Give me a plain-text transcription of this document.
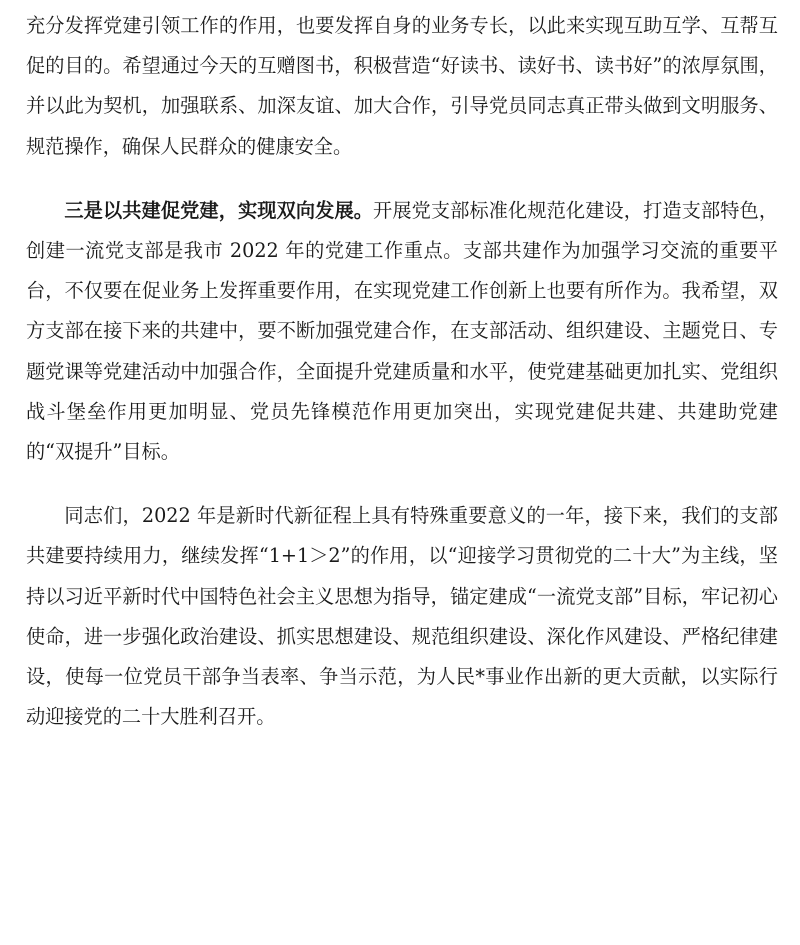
充分发挥党建引领工作的作用，也要发挥自身的业务专长，以此来实现互助互学、互帮互促的目的。希望通过今天的互赠图书，积极营造“好读书、读好书、读书好”的浓厚氛围，并以此为契机，加强联系、加深友谊、加大合作，引导党员同志真正带头做到文明服务、规范操作，确保人民群众的健康安全。

三是以共建促党建，实现双向发展。开展党支部标准化规范化建设，打造支部特色，创建一流党支部是我市 2022 年的党建工作重点。支部共建作为加强学习交流的重要平台，不仅要在促业务上发挥重要作用，在实现党建工作创新上也要有所作为。我希望，双方支部在接下来的共建中，要不断加强党建合作，在支部活动、组织建设、主题党日、专题党课等党建活动中加强合作，全面提升党建质量和水平，使党建基础更加扎实、党组织战斗堡垒作用更加明显、党员先锋模范作用更加突出，实现党建促共建、共建助党建的“双提升”目标。

同志们，2022 年是新时代新征程上具有特殊重要意义的一年，接下来，我们的支部共建要持续用力，继续发挥“1+1＞2”的作用，以“迎接学习贯彻党的二十大”为主线，坚持以习近平新时代中国特色社会主义思想为指导，锚定建成“一流党支部”目标，牢记初心使命，进一步强化政治建设、抓实思想建设、规范组织建设、深化作风建设、严格纪律建设，使每一位党员干部争当表率、争当示范，为人民*事业作出新的更大贡献，以实际行动迎接党的二十大胜利召开。
